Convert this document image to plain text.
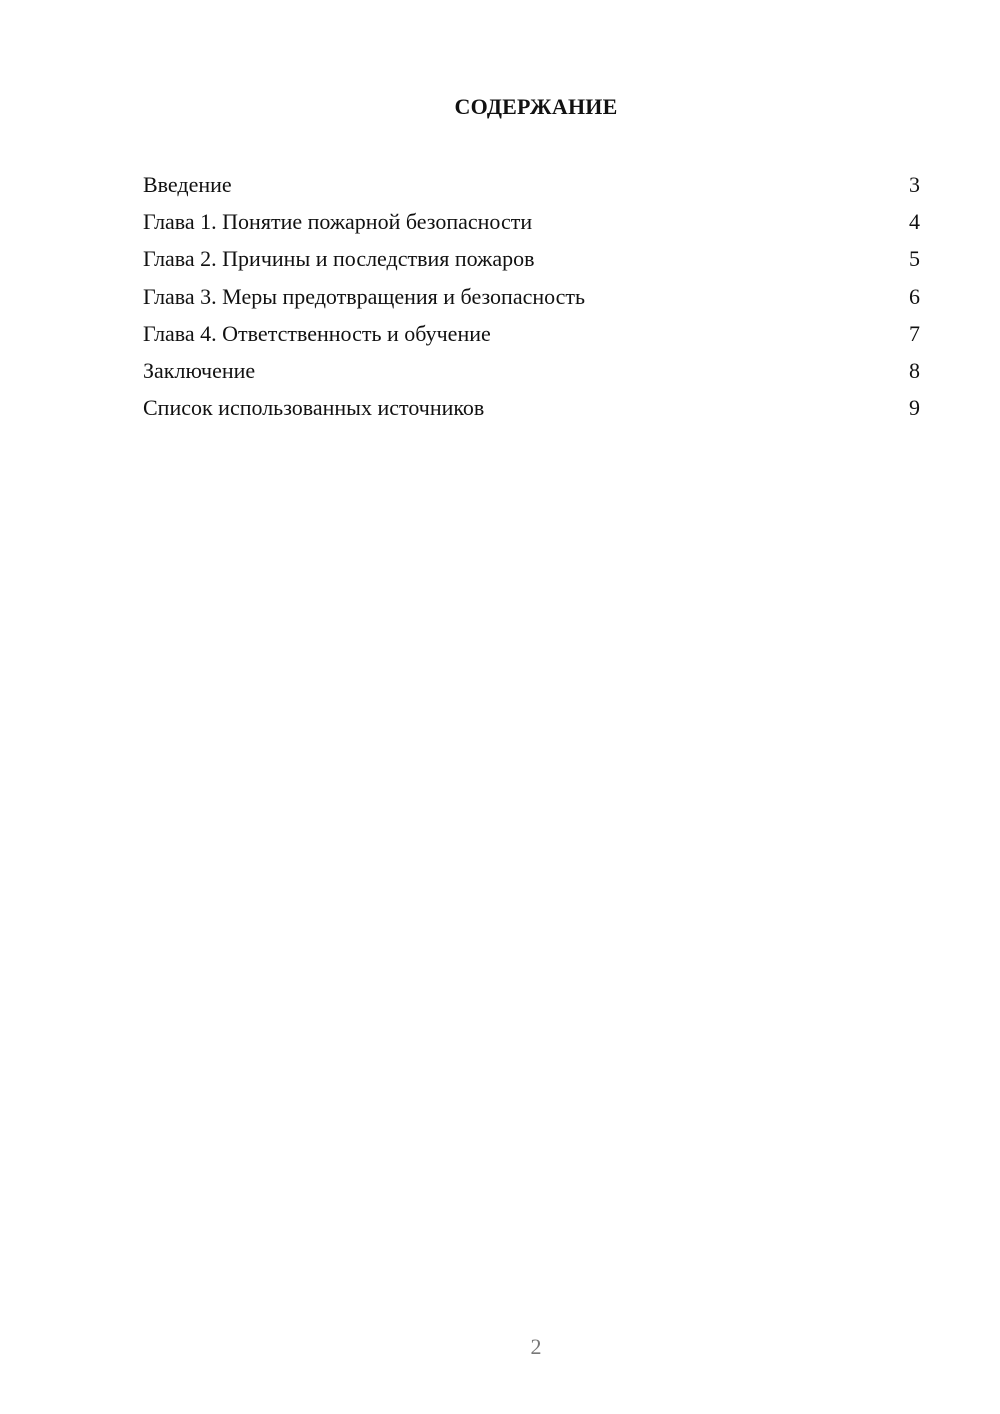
СОДЕРЖАНИЕ
Введение	3
Глава 1. Понятие пожарной безопасности	4
Глава 2. Причины и последствия пожаров	5
Глава 3. Меры предотвращения и безопасность	6
Глава 4. Ответственность и обучение	7
Заключение	8
Список использованных источников	9
2
